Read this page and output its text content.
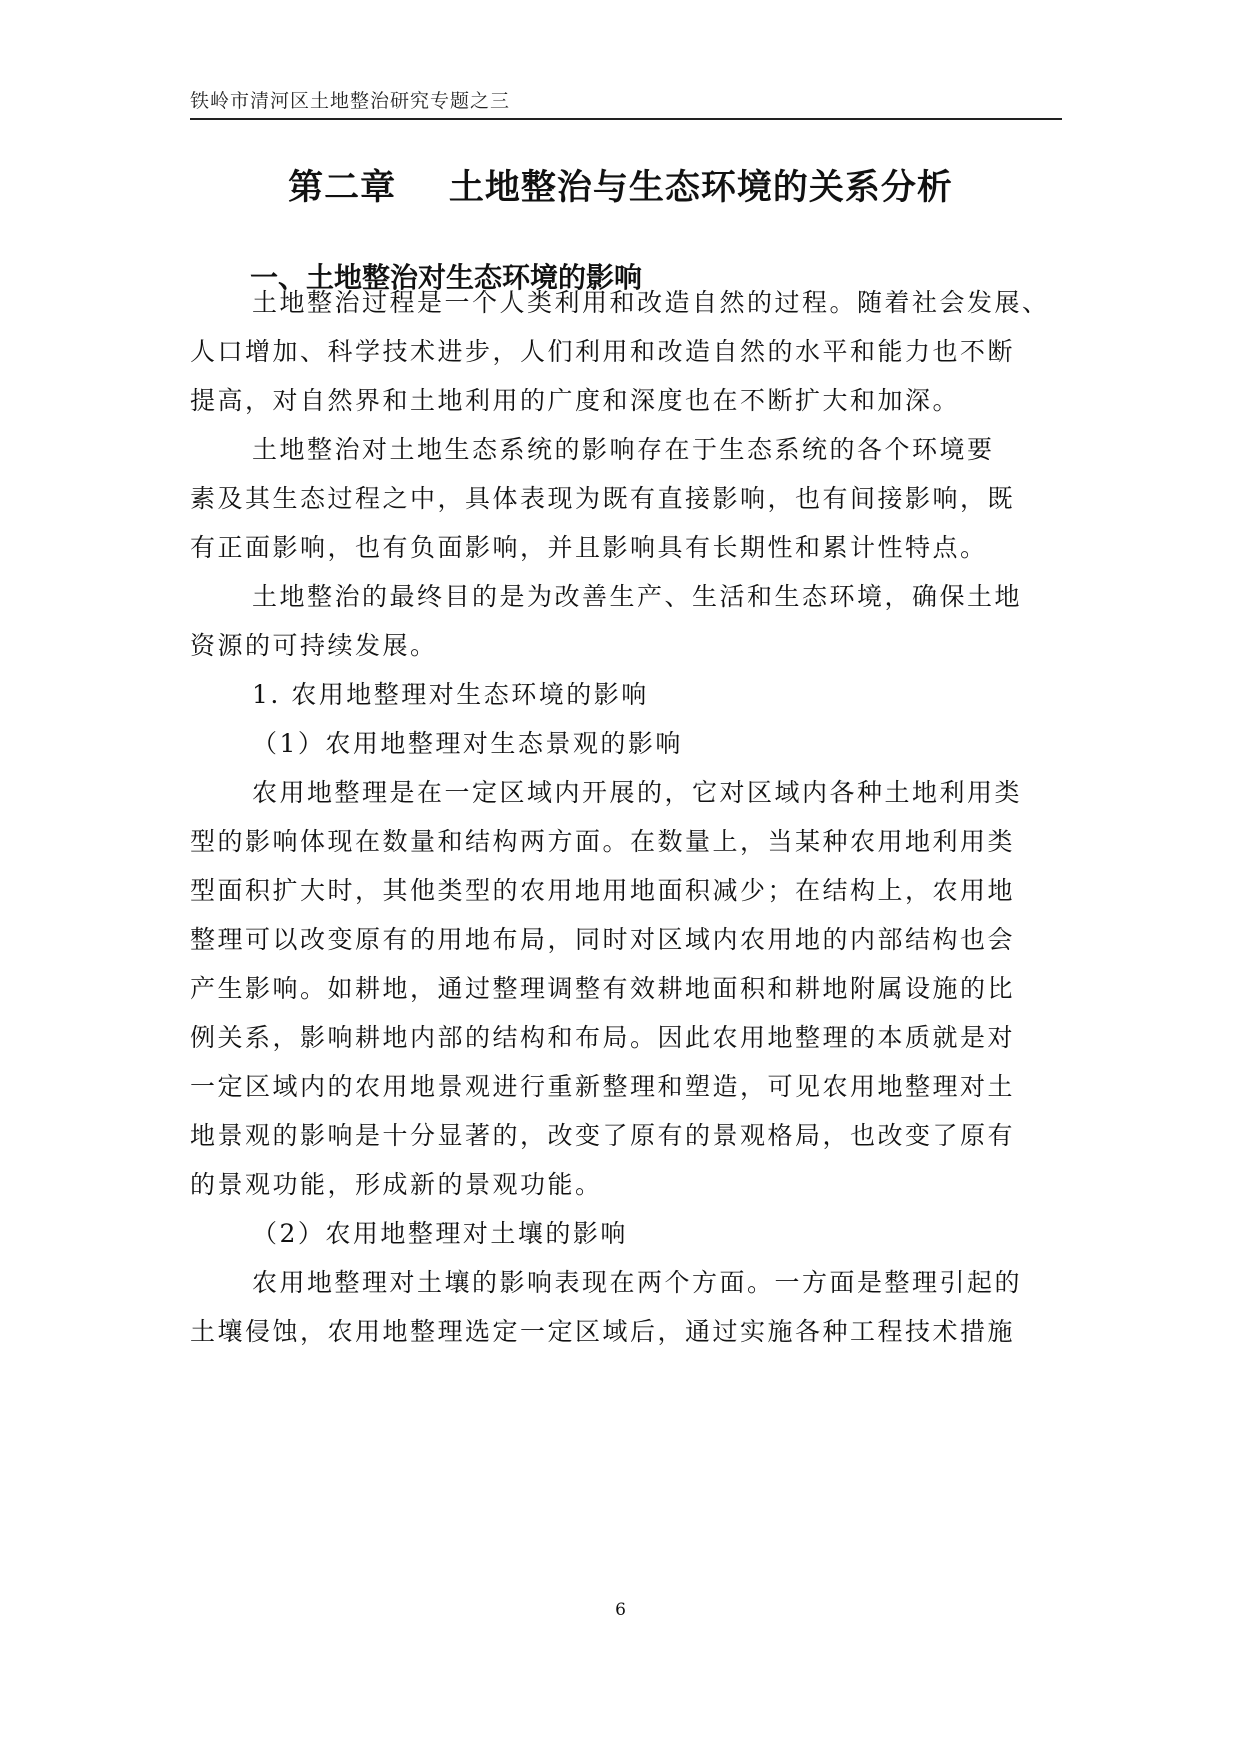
铁岭市清河区土地整治研究专题之三
第二章    土地整治与生态环境的关系分析
一、土地整治对生态环境的影响
土地整治过程是一个人类利用和改造自然的过程。随着社会发展、
人口增加、科学技术进步，人们利用和改造自然的水平和能力也不断
提高，对自然界和土地利用的广度和深度也在不断扩大和加深。
土地整治对土地生态系统的影响存在于生态系统的各个环境要
素及其生态过程之中，具体表现为既有直接影响，也有间接影响，既
有正面影响，也有负面影响，并且影响具有长期性和累计性特点。
土地整治的最终目的是为改善生产、生活和生态环境，确保土地
资源的可持续发展。
1. 农用地整理对生态环境的影响
（1）农用地整理对生态景观的影响
农用地整理是在一定区域内开展的，它对区域内各种土地利用类
型的影响体现在数量和结构两方面。在数量上，当某种农用地利用类
型面积扩大时，其他类型的农用地用地面积减少；在结构上，农用地
整理可以改变原有的用地布局，同时对区域内农用地的内部结构也会
产生影响。如耕地，通过整理调整有效耕地面积和耕地附属设施的比
例关系，影响耕地内部的结构和布局。因此农用地整理的本质就是对
一定区域内的农用地景观进行重新整理和塑造，可见农用地整理对土
地景观的影响是十分显著的，改变了原有的景观格局，也改变了原有
的景观功能，形成新的景观功能。
（2）农用地整理对土壤的影响
农用地整理对土壤的影响表现在两个方面。一方面是整理引起的
土壤侵蚀，农用地整理选定一定区域后，通过实施各种工程技术措施
6
